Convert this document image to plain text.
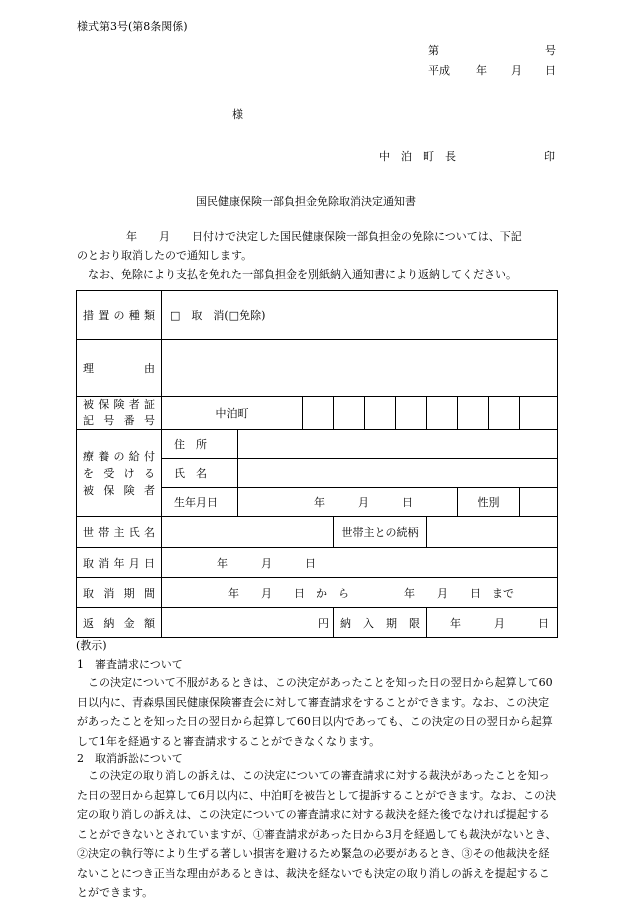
様式第3号(第8条関係)
第	号
平成 年 月 日
様
中　泊　町　長	印
国民健康保険一部負担金免除取消決定通知書
年　　月　　日付けで決定した国民健康保険一部負担金の免除については、下記
のとおり取消したので通知します。
なお、免除により支払を免れた一部負担金を別紙納入通知書により返納してください。
措置の種類	□　取　消(□免除)									
理由										

被保険者証
記号番号	中泊町									

療養の給付
を受ける
被保険者	住　所									
	氏　名									
	生年月日	年　　　月　　　日						性別		
世帯主氏名				世帯主との続柄						
取消年月日	年　　　月　　　日									
取消期間	年　　月　　日　か　ら　　　　　年　　月　　日　まで									
返納金額	円			納入期限			年　　　月　　　日			
(教示)
1　審査請求について
この決定について不服があるときは、この決定があったことを知った日の翌日から起算して60日以内に、青森県国民健康保険審査会に対して審査請求をすることができます。なお、この決定があったことを知った日の翌日から起算して60日以内であっても、この決定の日の翌日から起算して1年を経過すると審査請求することができなくなります。
2　取消訴訟について
この決定の取り消しの訴えは、この決定についての審査請求に対する裁決があったことを知った日の翌日から起算して6月以内に、中泊町を被告として提訴することができます。なお、この決定の取り消しの訴えは、この決定についての審査請求に対する裁決を経た後でなければ提起することができないとされていますが、①審査請求があった日から3月を経過しても裁決がないとき、②決定の執行等により生ずる著しい損害を避けるため緊急の必要があるとき、③その他裁決を経ないことにつき正当な理由があるときは、裁決を経ないでも決定の取り消しの訴えを提起することができます。
